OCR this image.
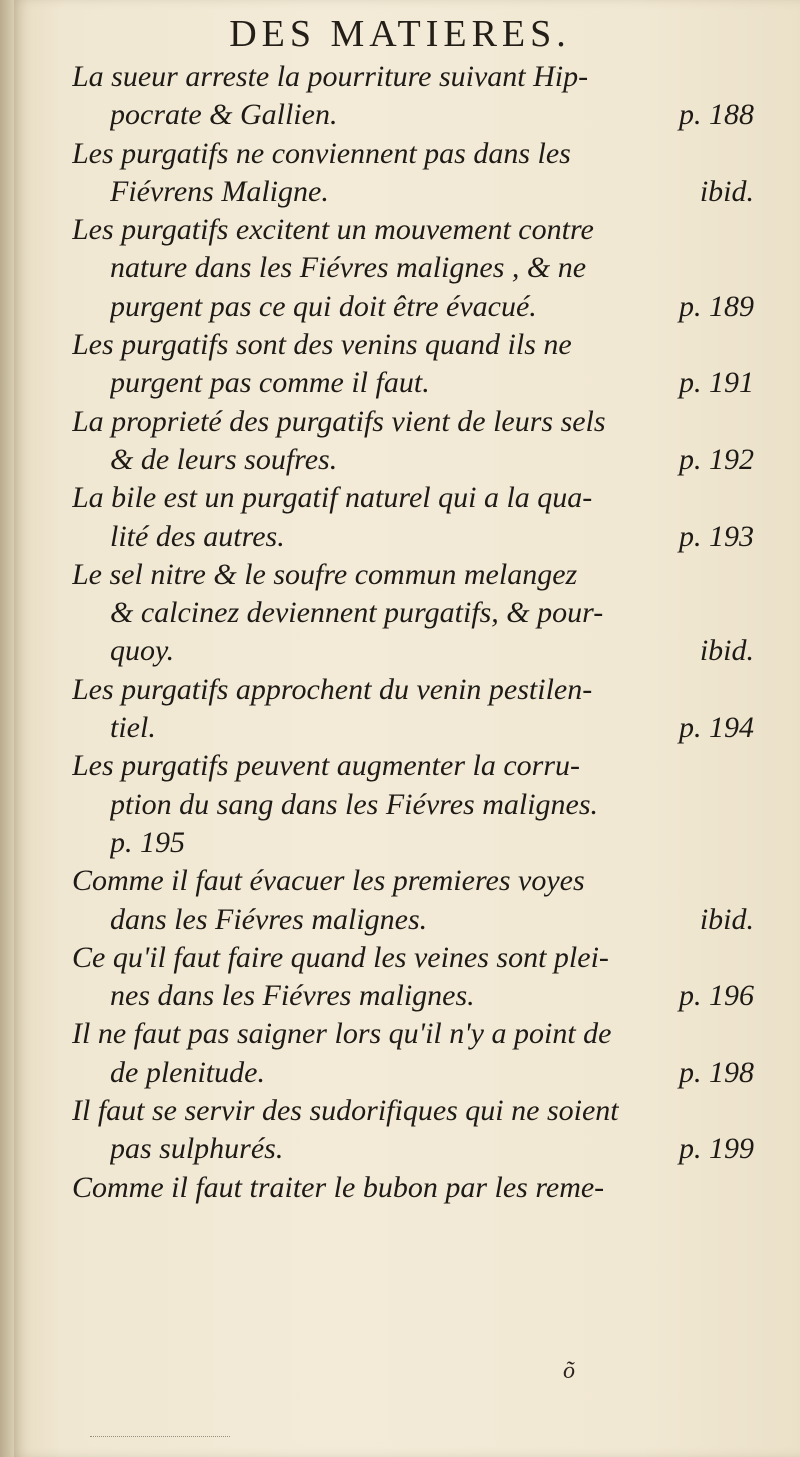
DES MATIERES.
La sueur arreste la pourriture suivant Hip-
pocrate & Gallien.	p. 188
Les purgatifs ne conviennent pas dans les
Fiévrens Maligne.	ibid.
Les purgatifs excitent un mouvement contre
nature dans les Fiévres malignes , & ne
purgent pas ce qui doit être évacué.	p. 189
Les purgatifs sont des venins quand ils ne
purgent pas comme il faut.	p. 191
La proprieté des purgatifs vient de leurs sels
& de leurs soufres.	p. 192
La bile est un purgatif naturel qui a la qua-
lité des autres.	p. 193
Le sel nitre & le soufre commun melangez
& calcinez deviennent purgatifs, & pour-
quoy.	ibid.
Les purgatifs approchent du venin pestilen-
tiel.	p. 194
Les purgatifs peuvent augmenter la corru-
ption du sang dans les Fiévres malignes.
p. 195
Comme il faut évacuer les premieres voyes
dans les Fiévres malignes.	ibid.
Ce qu'il faut faire quand les veines sont plei-
nes dans les Fiévres malignes.	p. 196
Il ne faut pas saigner lors qu'il n'y a point de
de plenitude.	p. 198
Il faut se servir des sudorifiques qui ne soient
pas sulphurés.	p. 199
Comme il faut traiter le bubon par les reme-
õ
